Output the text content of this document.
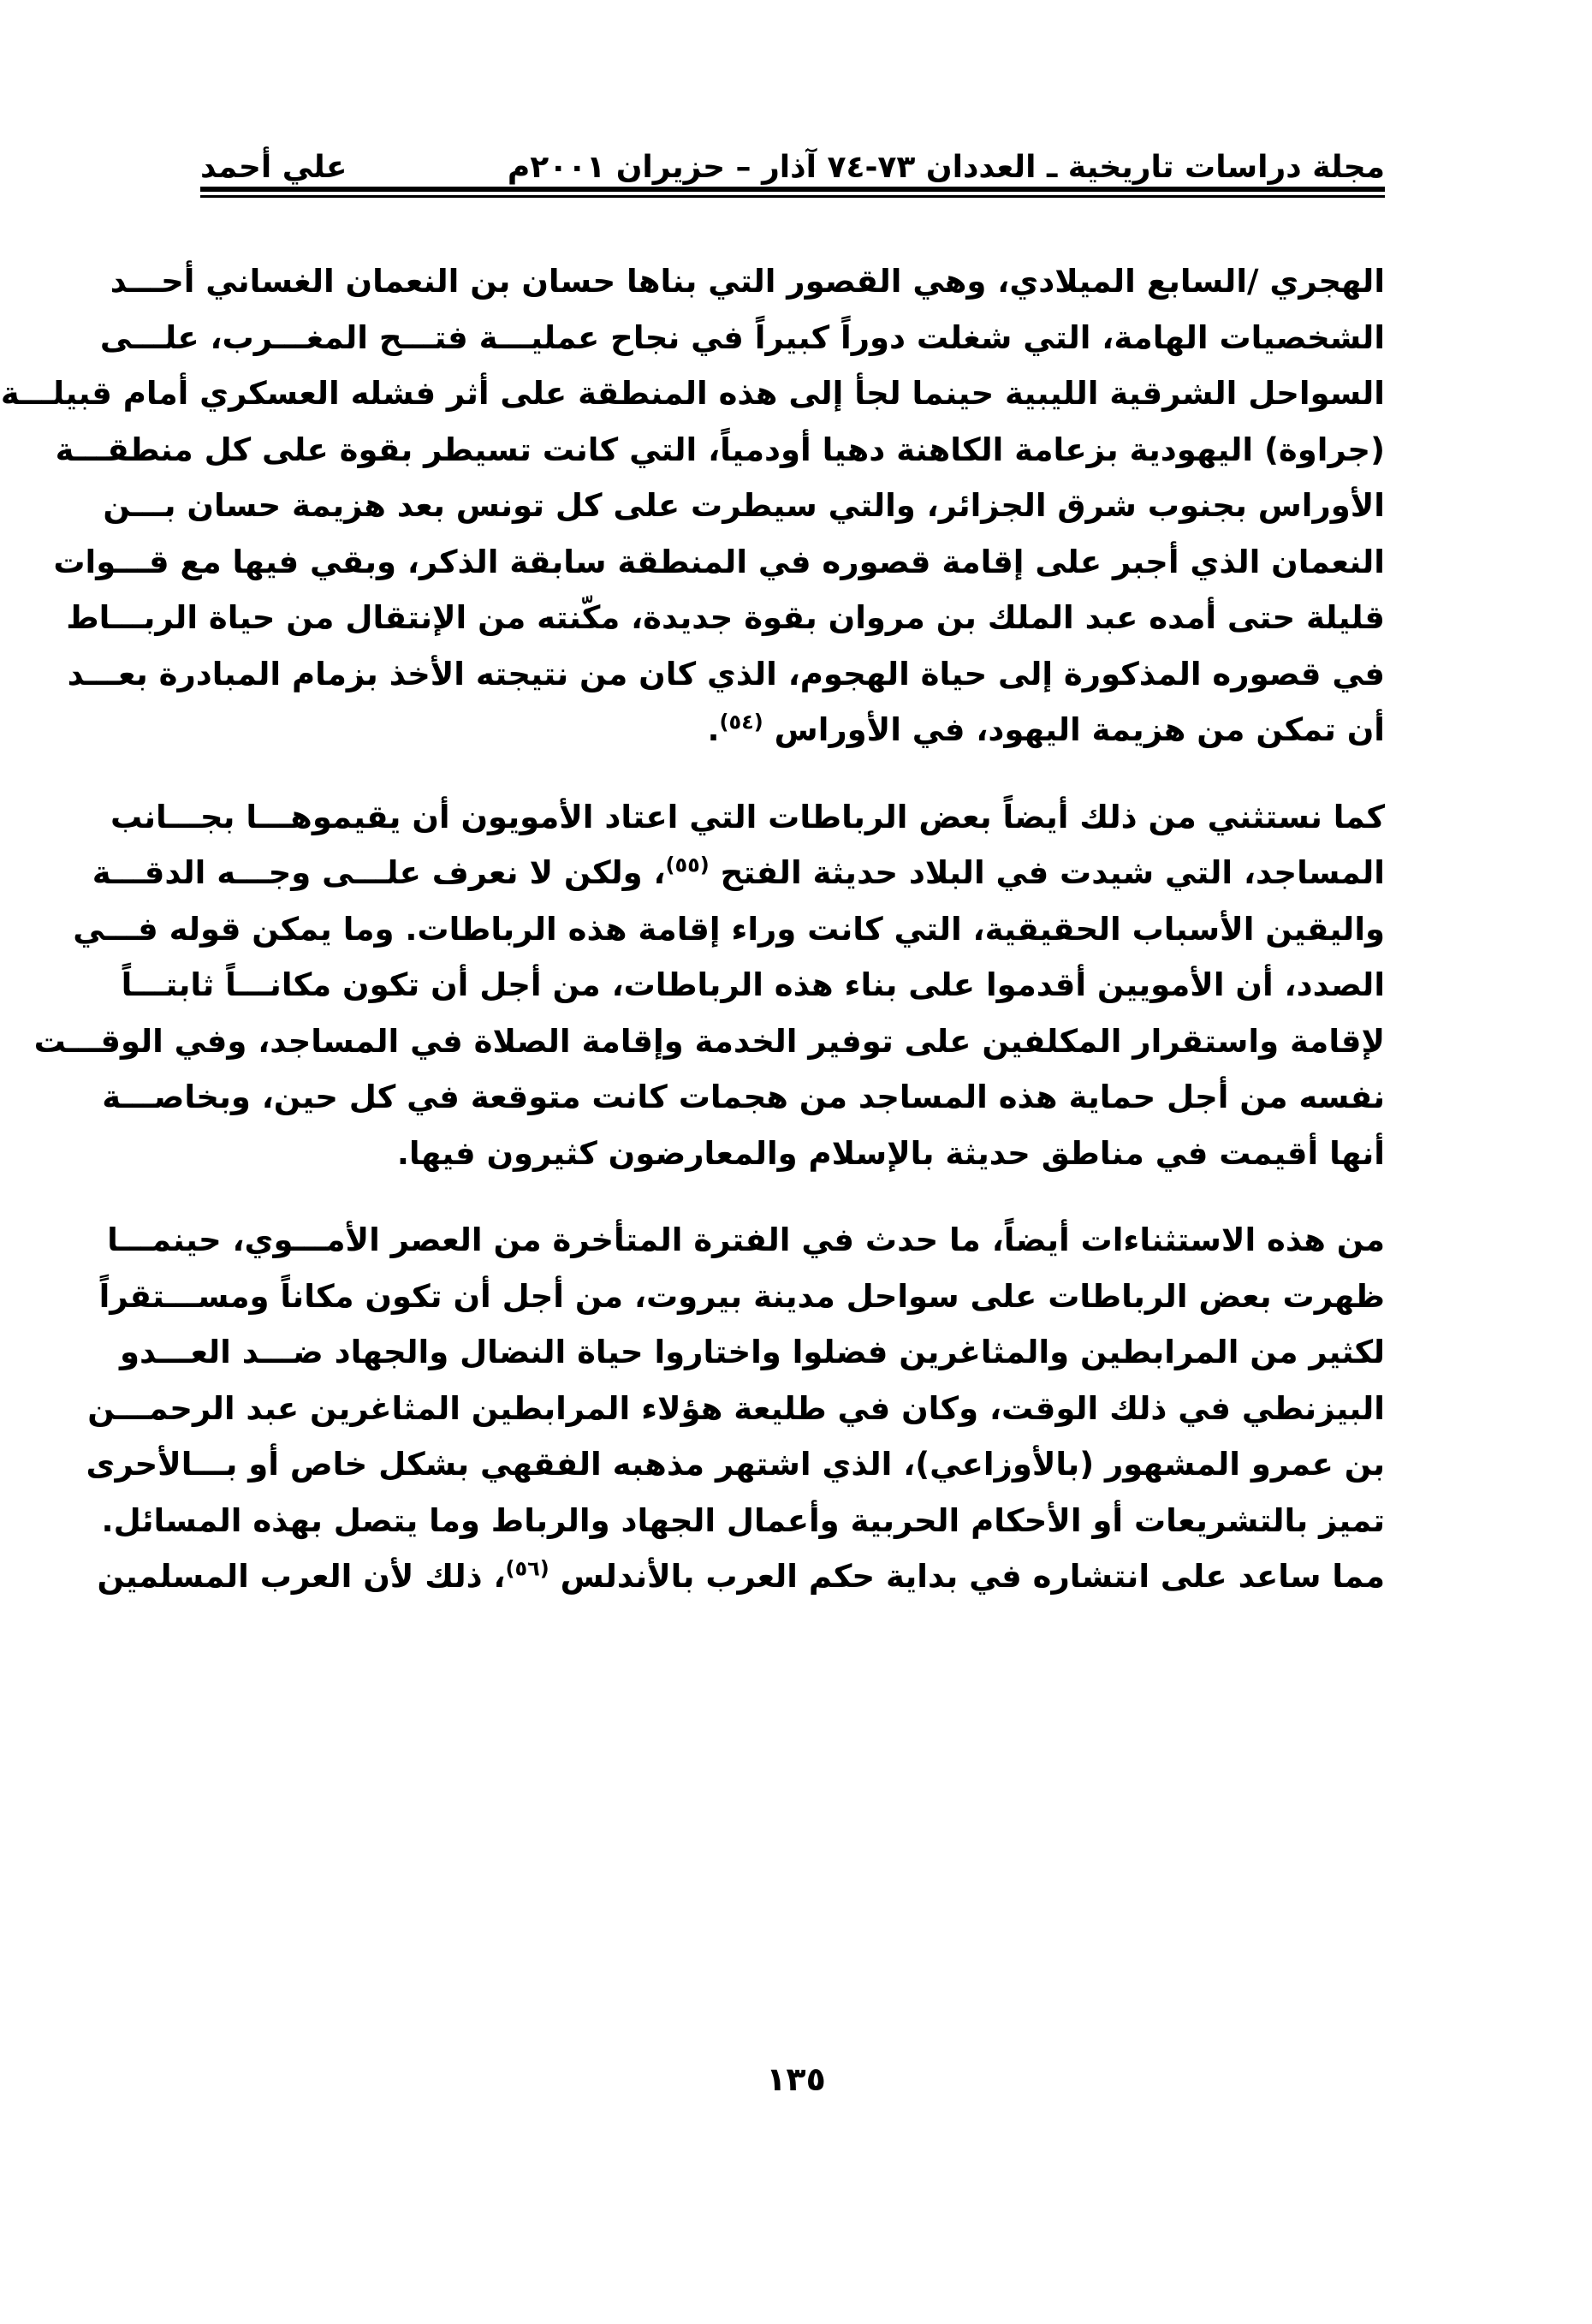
مجلة دراسات تاريخية ـ العددان ٧٣-٧٤ آذار – حزيران ٢٠٠١م
علي أحمد
الهجري /السابع الميلادي، وهي القصور التي بناها حسان بن النعمان الغساني أحـــد
الشخصيات الهامة، التي شغلت دوراً كبيراً في نجاح عمليـــة فتـــح المغـــرب، علـــى
السواحل الشرقية الليبية حينما لجأ إلى هذه المنطقة على أثر فشله العسكري أمام قبيلـــة
(جراوة) اليهودية بزعامة الكاهنة دهيا أودمياً، التي كانت تسيطر بقوة على كل منطقـــة
الأوراس بجنوب شرق الجزائر، والتي سيطرت على كل تونس بعد هزيمة حسان بـــن
النعمان الذي أجبر على إقامة قصوره في المنطقة سابقة الذكر، وبقي فيها مع قـــوات
قليلة حتى أمده عبد الملك بن مروان بقوة جديدة، مكّنته من الإنتقال من حياة الربـــاط
في قصوره المذكورة إلى حياة الهجوم، الذي كان من نتيجته الأخذ بزمام المبادرة بعـــد
أن تمكن من هزيمة اليهود، في الأوراس $^{(٥٤)}$.
كما نستثني من ذلك أيضاً بعض الرباطات التي اعتاد الأمويون أن يقيموهـــا بجـــانب
المساجد، التي شيدت في البلاد حديثة الفتح $^{(٥٥)}$، ولكن لا نعرف علـــى وجـــه الدقـــة
واليقين الأسباب الحقيقية، التي كانت وراء إقامة هذه الرباطات. وما يمكن قوله فـــي
الصدد، أن الأمويين أقدموا على بناء هذه الرباطات، من أجل أن تكون مكانـــاً ثابتـــاً
لإقامة واستقرار المكلفين على توفير الخدمة وإقامة الصلاة في المساجد، وفي الوقـــت
نفسه من أجل حماية هذه المساجد من هجمات كانت متوقعة في كل حين، وبخاصـــة
أنها أقيمت في مناطق حديثة بالإسلام والمعارضون كثيرون فيها.
من هذه الاستثناءات أيضاً، ما حدث في الفترة المتأخرة من العصر الأمـــوي، حينمـــا
ظهرت بعض الرباطات على سواحل مدينة بيروت، من أجل أن تكون مكاناً ومســـتقراً
لكثير من المرابطين والمثاغرين فضلوا واختاروا حياة النضال والجهاد ضـــد العـــدو
البيزنطي في ذلك الوقت، وكان في طليعة هؤلاء المرابطين المثاغرين عبد الرحمـــن
بن عمرو المشهور (بالأوزاعي)، الذي اشتهر مذهبه الفقهي بشكل خاص أو بـــالأحرى
تميز بالتشريعات أو الأحكام الحربية وأعمال الجهاد والرباط وما يتصل بهذه المسائل.
مما ساعد على انتشاره في بداية حكم العرب بالأندلس $^{(٥٦)}$، ذلك لأن العرب المسلمين
١٣٥
